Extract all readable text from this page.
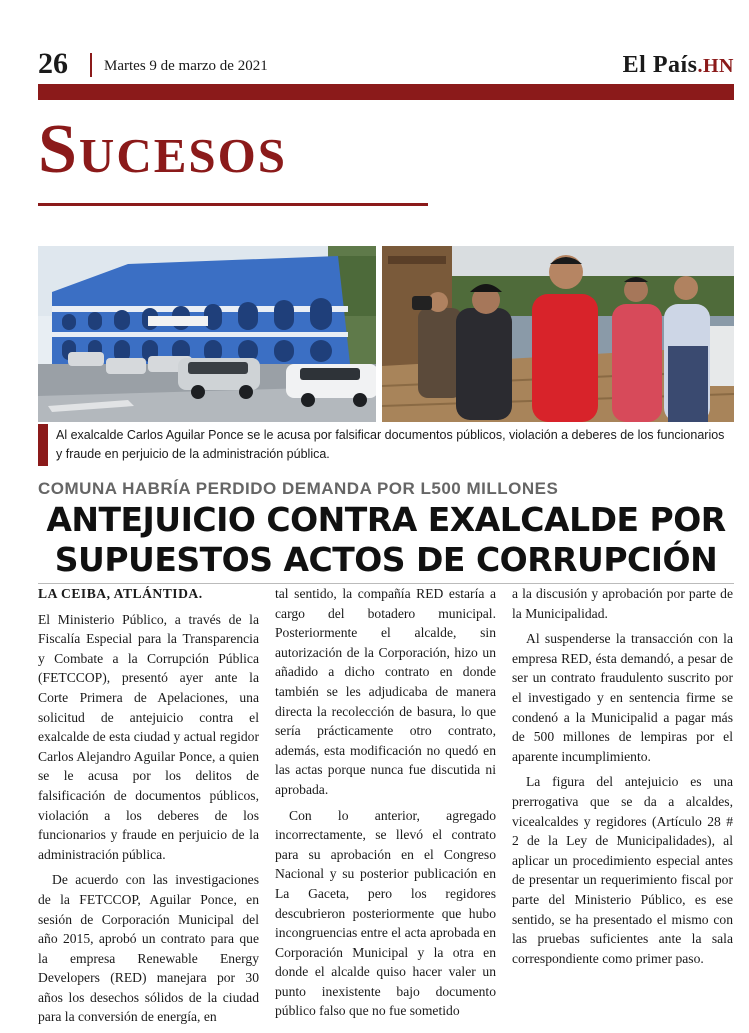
26 Martes 9 de marzo de 2021	El País.HN
Sucesos
Al exalcalde Carlos Aguilar Ponce se le acusa por falsificar documentos públicos, violación a deberes de los funcionarios y fraude en perjuicio de la administración pública.
COMUNA HABRÍA PERDIDO DEMANDA POR L500 MILLONES
ANTEJUICIO CONTRA EXALCALDE POR
SUPUESTOS ACTOS DE CORRUPCIÓN

LA CEIBA, ATLÁNTIDA.

El Ministerio Público, a través de la Fiscalía Especial para la Transparencia y Combate a la Corrupción Pública (FETCCOP), presentó ayer ante la Corte Primera de Apelaciones, una solicitud de antejuicio contra el exalcalde de esta ciudad y actual regidor Carlos Alejandro Aguilar Ponce, a quien se le acusa por los delitos de falsificación de documentos públicos, violación a los deberes de los funcionarios y fraude en perjuicio de la administración pública.

De acuerdo con las investigaciones de la FETCCOP, Aguilar Ponce, en sesión de Corporación Municipal del año 2015, aprobó un contrato para que la empresa Renewable Energy Developers (RED) manejara por 30 años los desechos sólidos de la ciudad para la conversión de energía, en

tal sentido, la compañía RED estaría a cargo del botadero municipal. Posteriormente el alcalde, sin autorización de la Corporación, hizo un añadido a dicho contrato en donde también se les adjudicaba de manera directa la recolección de basura, lo que sería prácticamente otro contrato, además, esta modificación no quedó en las actas porque nunca fue discutida ni aprobada.

Con lo anterior, agregado incorrectamente, se llevó el contrato para su aprobación en el Congreso Nacional y su posterior publicación en La Gaceta, pero los regidores descubrieron posteriormente que hubo incongruencias entre el acta aprobada en Corporación Municipal y la otra en donde el alcalde quiso hacer valer un punto inexistente bajo documento público falso que no fue sometido

a la discusión y aprobación por parte de la Municipalidad.

Al suspenderse la transacción con la empresa RED, ésta demandó, a pesar de ser un contrato fraudulento suscrito por el investigado y en sentencia firme se condenó a la Municipalid a pagar más de 500 millones de lempiras por el aparente incumplimiento.

La figura del antejuicio es una prerrogativa que se da a alcaldes, vicealcaldes y regidores (Artículo 28 # 2 de la Ley de Municipalidades), al aplicar un procedimiento especial antes de presentar un requerimiento fiscal por parte del Ministerio Público, es ese sentido, se ha presentado el mismo con las pruebas suficientes ante la sala correspondiente como primer paso.
